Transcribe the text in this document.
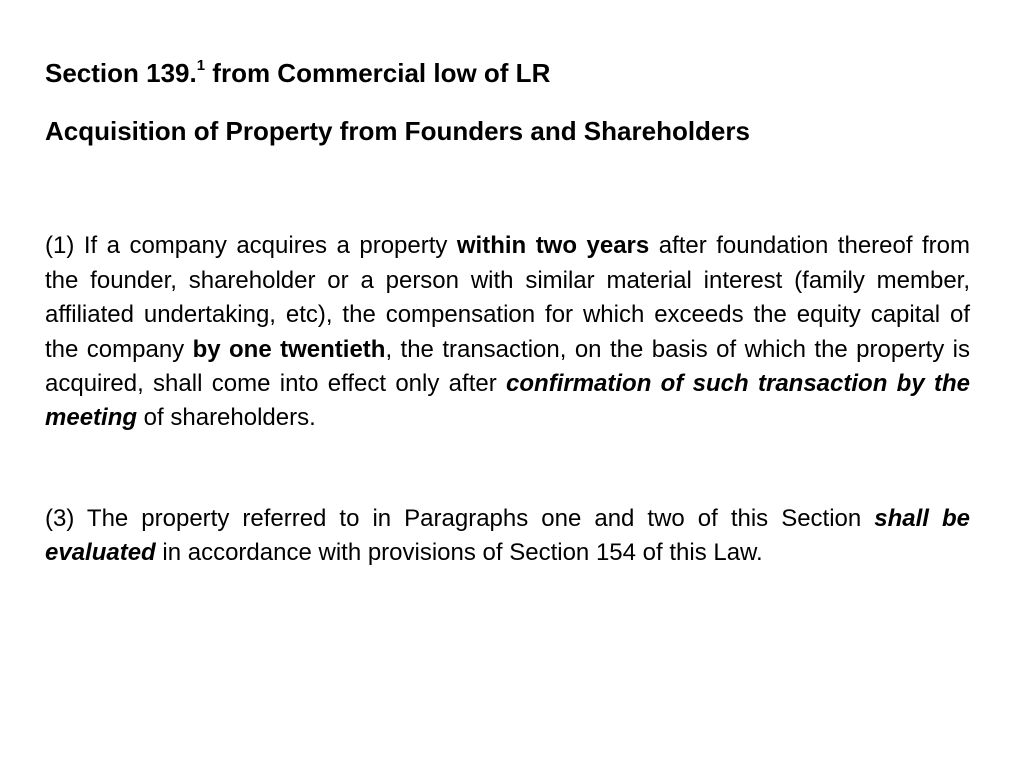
Section 139.$^1$ from Commercial low of LR

Acquisition of Property from Founders and Shareholders

(1) If a company acquires a property within two years after foundation thereof from the founder, shareholder or a person with similar material interest (family member, affiliated undertaking, etc), the compensation for which exceeds the equity capital of the company by one twentieth, the transaction, on the basis of which the property is acquired, shall come into effect only after confirmation of such transaction by the meeting of shareholders.

(3) The property referred to in Paragraphs one and two of this Section shall be evaluated in accordance with provisions of Section 154 of this Law.
